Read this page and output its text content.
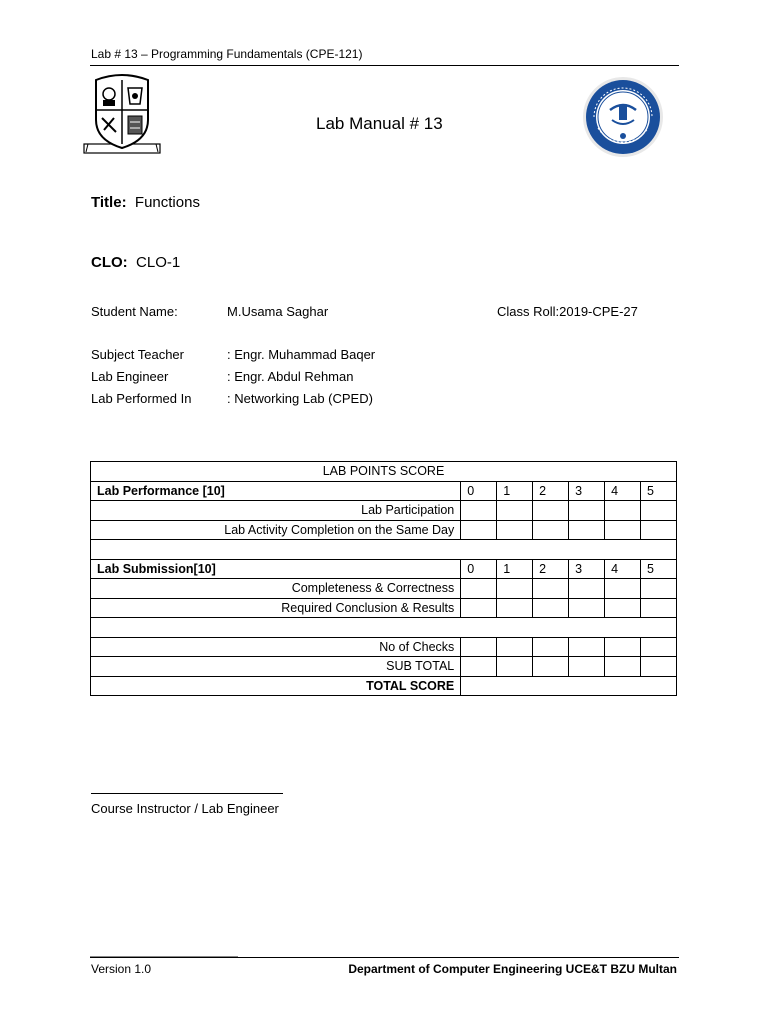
Lab # 13 – Programming Fundamentals (CPE-121)
Lab Manual # 13
Title: Functions
CLO: CLO-1
Student Name:	M.Usama Saghar	Class Roll:2019-CPE-27
Subject Teacher	: Engr. Muhammad Baqer
Lab Engineer	: Engr. Abdul Rehman
Lab Performed In	: Networking Lab (CPED)
LAB POINTS SCORE						
Lab Performance [10]	0	1	2	3	4	5
Lab Participation						
Lab Activity Completion on the Same Day						

Lab Submission[10]	0	1	2	3	4	5
Completeness & Correctness						
Required Conclusion & Results						

No of Checks						
SUB TOTAL						
TOTAL SCORE						
Course Instructor / Lab Engineer
Version 1.0	Department of Computer Engineering UCE&T BZU Multan
